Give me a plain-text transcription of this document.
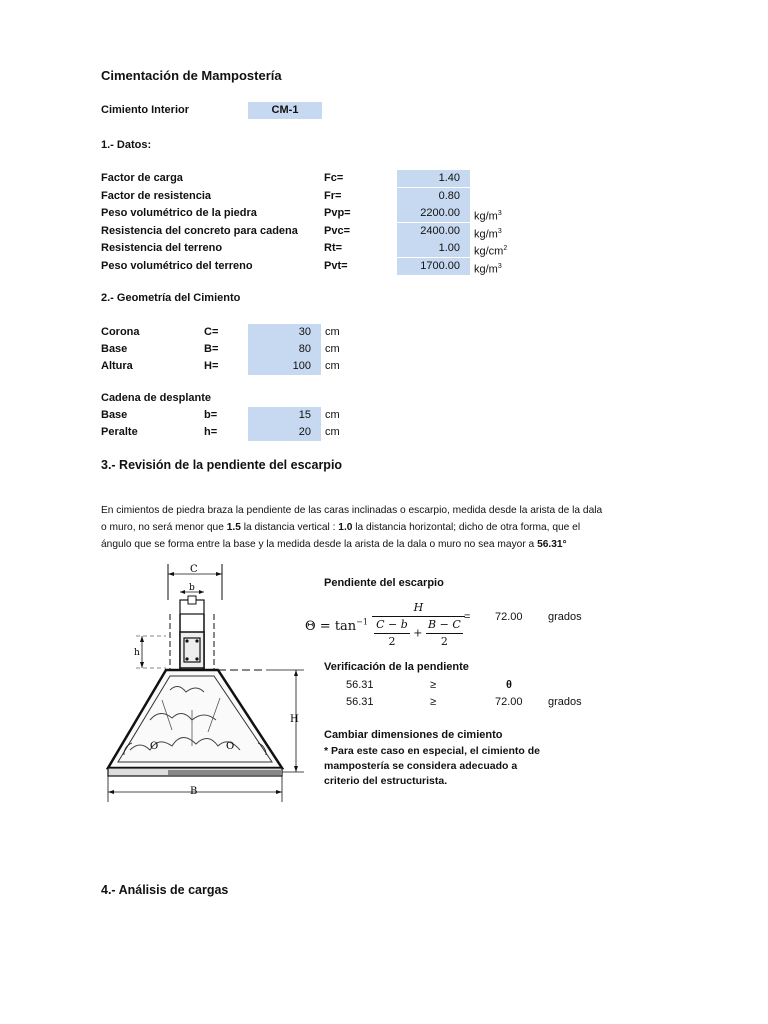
Cimentación de Mampostería
Cimiento Interior	CM-1
1.- Datos:
Factor de carga	Fc=	1.40
Factor de resistencia	Fr=	0.80
Peso volumétrico de la piedra	Pvp=	2200.00	$kg/m^3$
Resistencia del concreto para cadena Pvc=	2400.00	$kg/m^3$
Resistencia del terreno	Rt=	1.00	$kg/cm^2$
Peso volumétrico del terreno	Pvt=	1700.00	$kg/m^3$
2.- Geometría del Cimiento
Corona	C=	30	cm
Base	B=	80	cm
Altura	H=	100	cm
Cadena de desplante
Base	b=	15	cm
Peralte	h=	20	cm
3.- Revisión de la pendiente del escarpio
En cimientos de piedra braza la pendiente de las caras inclinadas o escarpio, medida desde la arista de la dala
o muro, no será menor que 1.5 la distancia vertical : 1.0 la distancia horizontal; dicho de otra forma, que el
ángulo que se forma entre la base y la medida desde la arista de la dala o muro no sea mayor a 56.31°
C
b
h
O	O
H
B
Pendiente del escarpio
$\Theta = \tan^{-1} \frac{H}{\frac{C - b}{2} + \frac{B - C}{2}} = 72.00$ grados
Verificación de la pendiente
56.31	≥	θ
56.31	≥	72.00 grados
Cambiar dimensiones de cimiento
* Para este caso en especial, el cimiento de
mampostería se considera adecuado a
criterio del estructurista.
4.- Análisis de cargas
